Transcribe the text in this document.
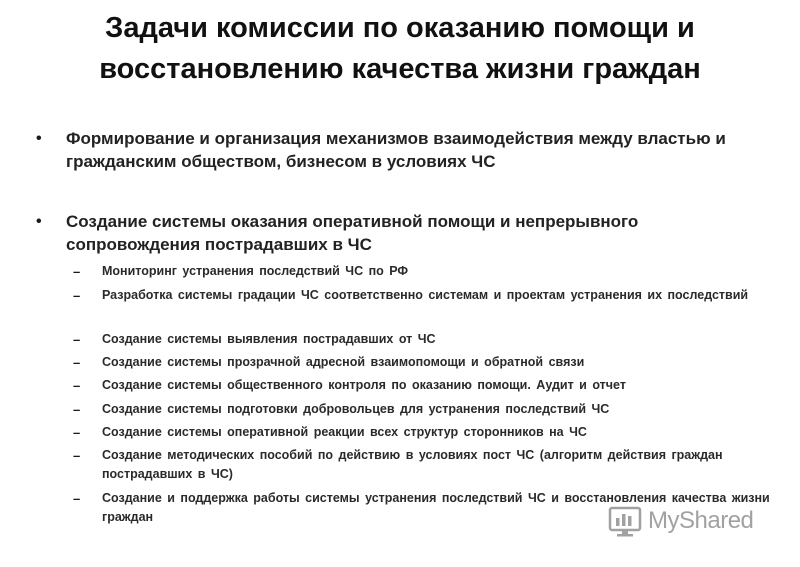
Задачи комиссии по оказанию помощи и восстановлению качества жизни граждан
• Формирование и организация механизмов взаимодействия между властью и гражданским обществом, бизнесом в условиях ЧС
• Создание системы оказания оперативной помощи и непрерывного сопровождения пострадавших в ЧС
– Мониторинг устранения последствий ЧС по РФ
– Разработка системы градации ЧС соответственно системам и проектам устранения их последствий
– Создание системы выявления пострадавших от ЧС
– Создание системы прозрачной адресной взаимопомощи и обратной связи
– Создание системы общественного контроля по оказанию помощи. Аудит и отчет
– Создание системы подготовки добровольцев для устранения последствий ЧС
– Создание системы оперативной реакции всех структур сторонников на ЧС
– Создание методических пособий по действию в условиях пост ЧС (алгоритм действия граждан пострадавших в ЧС)
– Создание и поддержка работы системы устранения последствий ЧС и восстановления качества жизни граждан	MyShared
